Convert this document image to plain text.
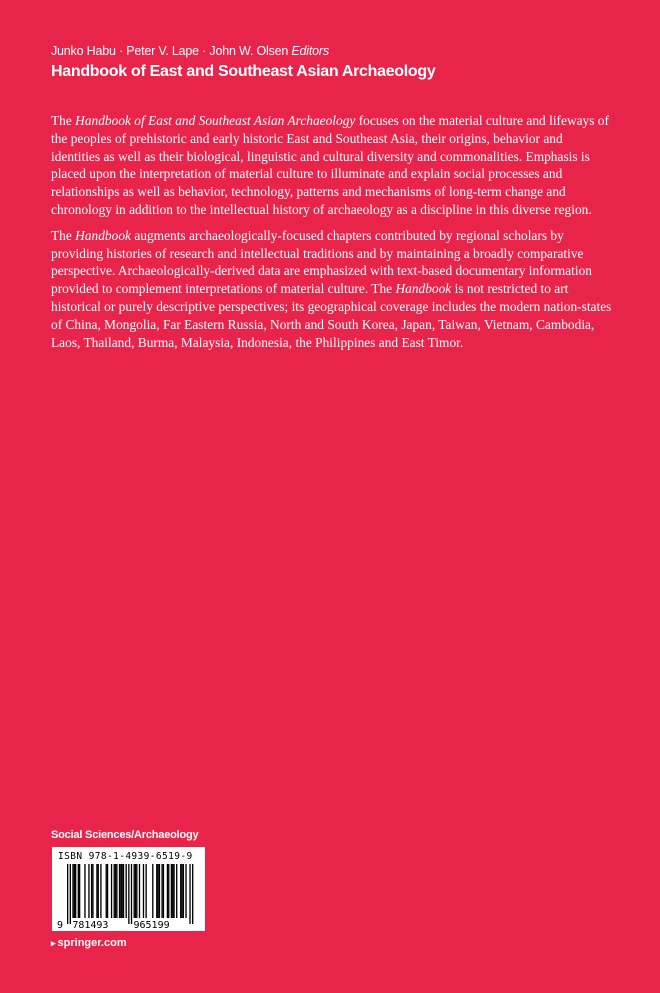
Junko Habu · Peter V. Lape · John W. Olsen Editors
Handbook of East and Southeast Asian Archaeology

The Handbook of East and Southeast Asian Archaeology focuses on the material culture and lifeways of the peoples of prehistoric and early historic East and Southeast Asia, their origins, behavior and identities as well as their biological, linguistic and cultural diversity and commonalities. Emphasis is placed upon the interpretation of material culture to illuminate and explain social processes and relationships as well as behavior, technology, patterns and mechanisms of long-term change and chronology in addition to the intellectual history of archaeology as a discipline in this diverse region.

The Handbook augments archaeologically-focused chapters contributed by regional scholars by providing histories of research and intellectual traditions and by maintaining a broadly comparative perspective. Archaeologically-derived data are emphasized with text-based documentary information provided to complement interpretations of material culture. The Handbook is not restricted to art historical or purely descriptive perspectives; its geographical coverage includes the modern nation-states of China, Mongolia, Far Eastern Russia, North and South Korea, Japan, Taiwan, Vietnam, Cambodia, Laos, Thailand, Burma, Malaysia, Indonesia, the Philippines and East Timor.

Social Sciences/Archaeology
ISBN 978-1-4939-6519-9
9 781493	965199
▸ springer.com
